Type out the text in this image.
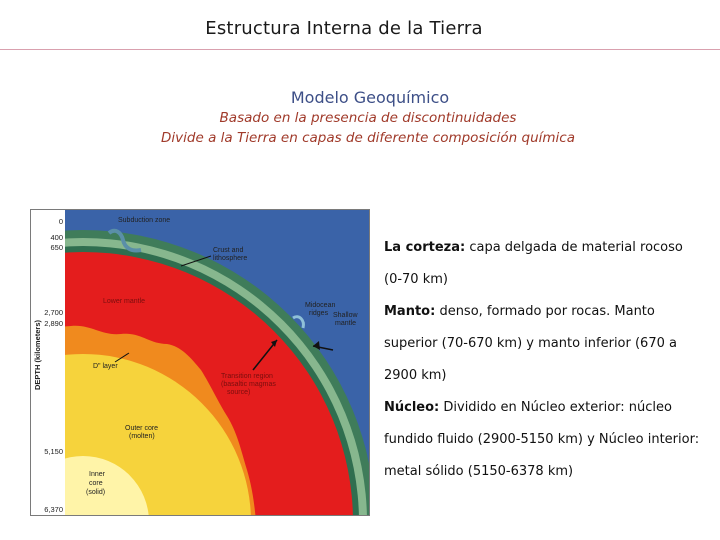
Estructura Interna de la Tierra
Modelo Geoquímico
Basado en la presencia de discontinuidades
Divide a la Tierra en capas de diferente composición química
0
400
650
2,700
2,890
5,150
6,370
DEPTH (kilometers)
Subduction zone
Crust and
lithosphere
Lower mantle
Midocean
ridges Shallow
mantle
D" layer
Transition region
(basaltic magmas
source)
Outer core
(molten)
Inner
core
(solid)

La corteza: capa delgada de material rocoso (0-70 km)

Manto: denso, formado por rocas. Manto superior (70-670 km) y manto inferior (670 a 2900 km)

Núcleo: Dividido en Núcleo exterior: núcleo fundido fluido (2900-5150 km) y Núcleo interior: metal sólido (5150-6378 km)
